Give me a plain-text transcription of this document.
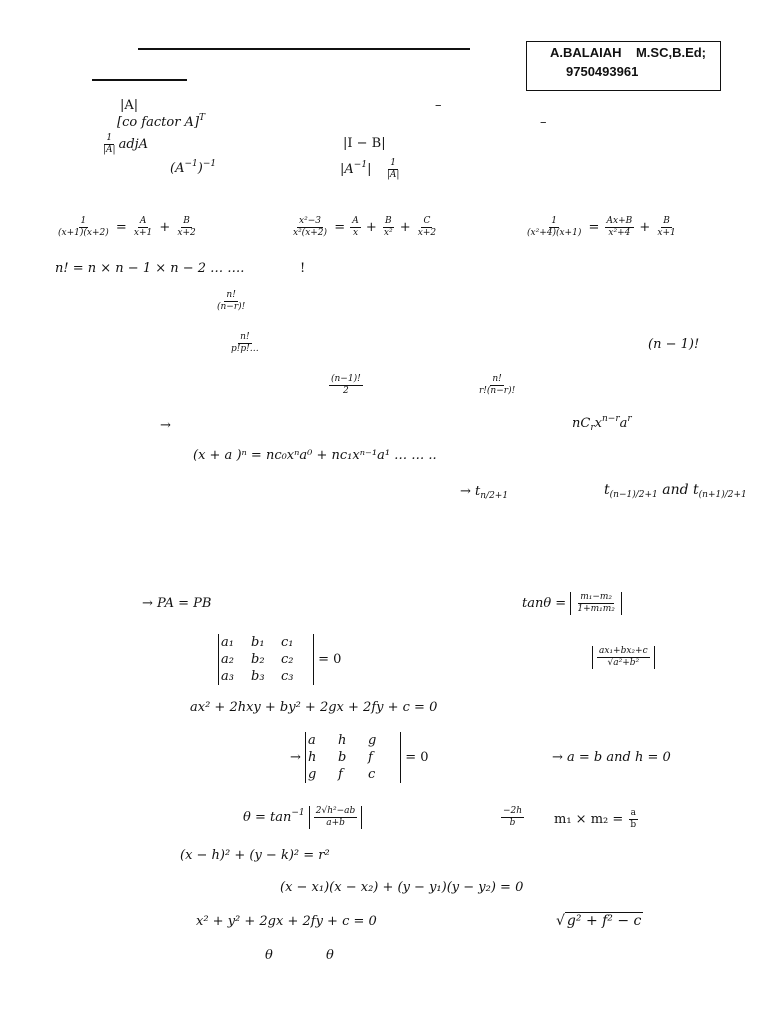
A.BALAIAH M.SC,B.Ed;
9750493961
|A|	–
[co factor A]$^T$	–
$\frac{1}{|A|}$ adjA	|I − B|
$(A^{-1})^{-1}$	$|A^{-1}| \frac{1}{|A|}$
$\frac{1}{(x+1)(x+2)} = \frac{A}{x+1} + \frac{B}{x+2}$	$\frac{\text{x²−3}}{\text{x²(x+2)}} = \frac{A}{x} + \frac{B}{\text{x²}} + \frac{C}{x+2}$	$\frac{1}{\text{(x²+4)(x+1)}} = \frac{Ax+B}{\text{x²+4}} + \frac{B}{x+1}$
n! = n × n − 1 × n − 2 … ….	!
$\frac{n!}{(n-r)!}$
$\frac{n!}{p!p!\dots}$	(n − 1)!
$\frac{(n-1)!}{2}$	$\frac{n!}{r!(n-r)!}$
→	$nC_rx^{n-r}a^r$
(x + a )ⁿ = nc₀xⁿa⁰ + nc₁xⁿ⁻¹a¹ … … ..
→ $t_{n/2+1}$	$t_{(n-1)/2+1}$ and $t_{(n+1)/2+1}$
→ PA = PB	$\tan\theta = \frac{\text{m₁−m₂}}{\text{1+m₁m₂}}$
a₁	b₁	c₁
a₂	b₂	c₂
a₃	b₃	c₃
= 0	$\frac{\text{ax₁+bx₂+c}}{\text{√a²+b²}}$
ax² + 2hxy + by² + 2gx + 2fy + c = 0
→
a	h	g
h	b	f
g	f	c
= 0	→ a = b and h = 0
$\theta = \tan^{-1} \frac{\text{2√h²−ab}}{a+b}$	$\frac{-2h}{b} m_1 \times m_2 = \frac{a}{b}$
(x − h)² + (y − k)² = r²
(x − x₁)(x − x₂) + (y − y₁)(y − y₂) = 0
x² + y² + 2gx + 2fy + c = 0	√ g² + f² − c
θ	θ
